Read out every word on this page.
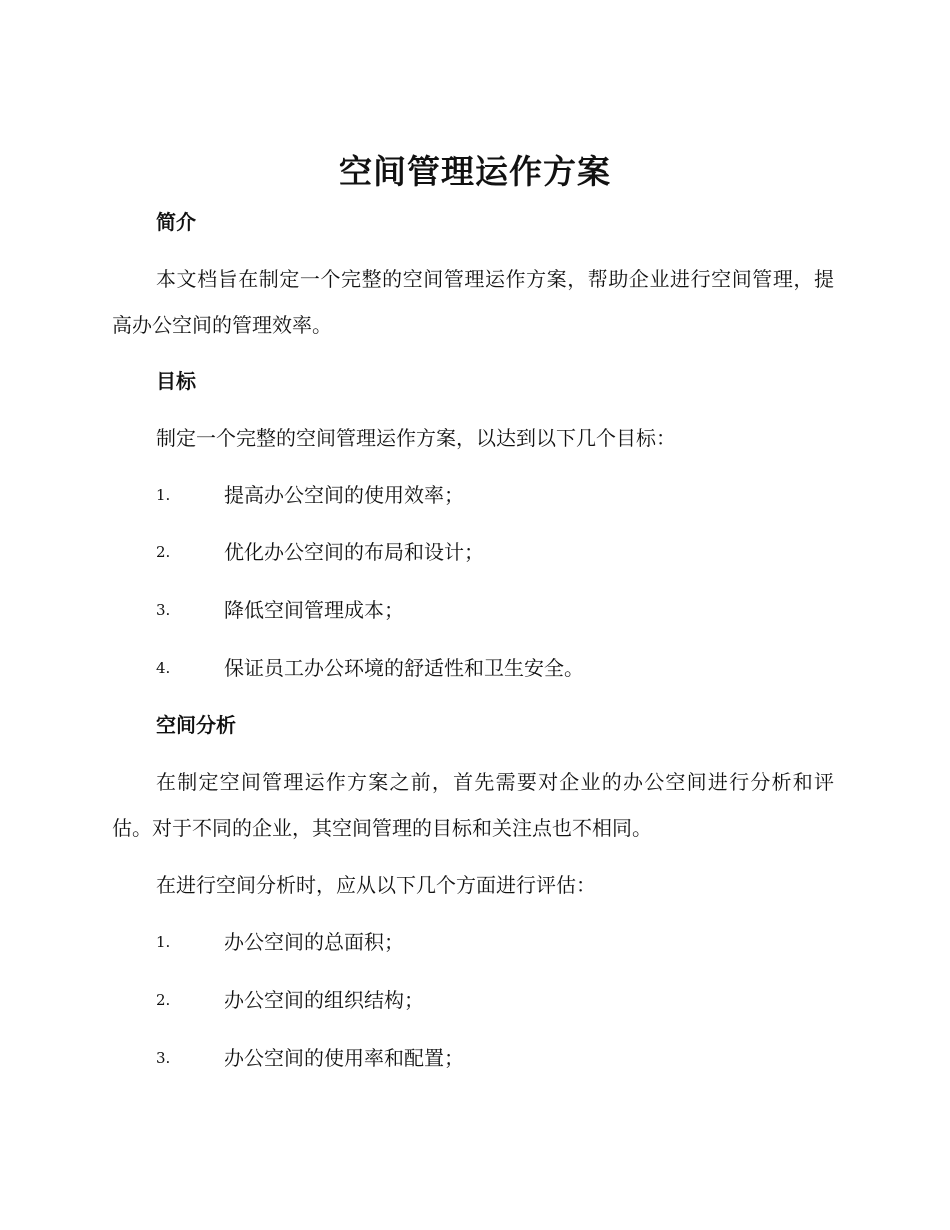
空间管理运作方案
简介

本文档旨在制定一个完整的空间管理运作方案，帮助企业进行空间管理，提高办公空间的管理效率。

目标

制定一个完整的空间管理运作方案，以达到以下几个目标：

1.	提高办公空间的使用效率；
2.	优化办公空间的布局和设计；
3.	降低空间管理成本；
4.	保证员工办公环境的舒适性和卫生安全。
空间分析

在制定空间管理运作方案之前，首先需要对企业的办公空间进行分析和评估。对于不同的企业，其空间管理的目标和关注点也不相同。

在进行空间分析时，应从以下几个方面进行评估：

1.	办公空间的总面积；
2.	办公空间的组织结构；
3.	办公空间的使用率和配置；
